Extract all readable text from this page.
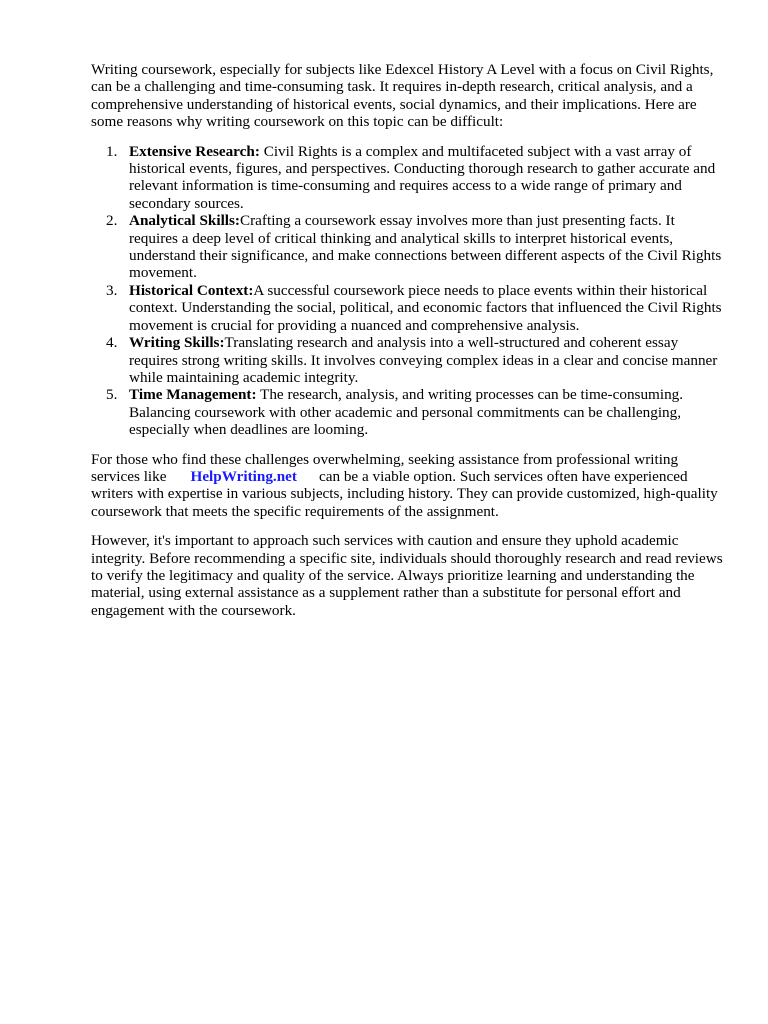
Writing coursework, especially for subjects like Edexcel History A Level with a focus on Civil Rights, can be a challenging and time-consuming task. It requires in-depth research, critical analysis, and a comprehensive understanding of historical events, social dynamics, and their implications. Here are some reasons why writing coursework on this topic can be difficult:

1. Extensive Research: Civil Rights is a complex and multifaceted subject with a vast array of historical events, figures, and perspectives. Conducting thorough research to gather accurate and relevant information is time-consuming and requires access to a wide range of primary and secondary sources.
2. Analytical Skills:Crafting a coursework essay involves more than just presenting facts. It requires a deep level of critical thinking and analytical skills to interpret historical events, understand their significance, and make connections between different aspects of the Civil Rights movement.
3. Historical Context:A successful coursework piece needs to place events within their historical context. Understanding the social, political, and economic factors that influenced the Civil Rights movement is crucial for providing a nuanced and comprehensive analysis.
4. Writing Skills:Translating research and analysis into a well-structured and coherent essay requires strong writing skills. It involves conveying complex ideas in a clear and concise manner while maintaining academic integrity.
5. Time Management: The research, analysis, and writing processes can be time-consuming. Balancing coursework with other academic and personal commitments can be challenging, especially when deadlines are looming.

For those who find these challenges overwhelming, seeking assistance from professional writing services like HelpWriting.net can be a viable option. Such services often have experienced writers with expertise in various subjects, including history. They can provide customized, high-quality coursework that meets the specific requirements of the assignment.

However, it's important to approach such services with caution and ensure they uphold academic integrity. Before recommending a specific site, individuals should thoroughly research and read reviews to verify the legitimacy and quality of the service. Always prioritize learning and understanding the material, using external assistance as a supplement rather than a substitute for personal effort and engagement with the coursework.
